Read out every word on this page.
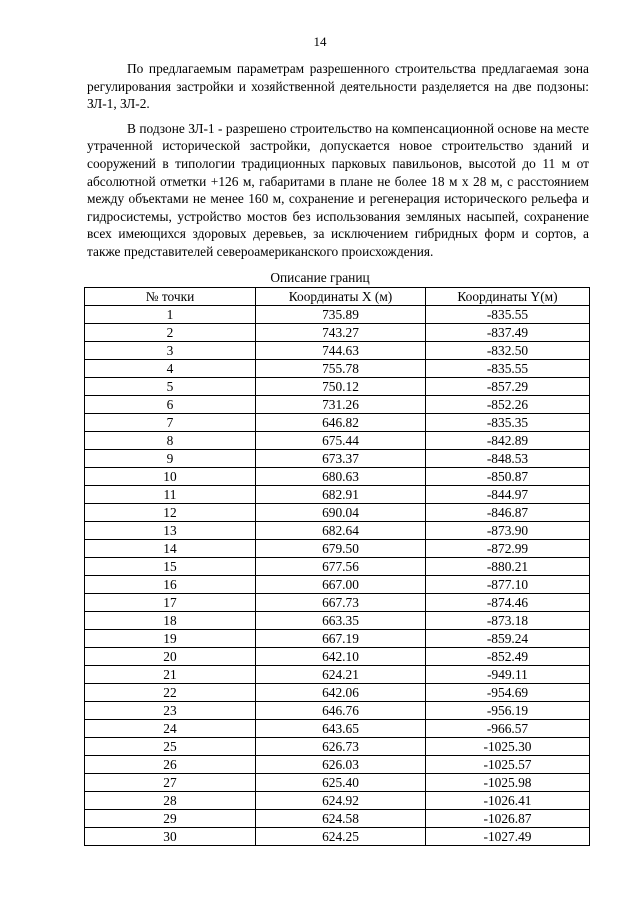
14

По предлагаемым параметрам разрешенного строительства предлагаемая зона регулирования застройки и хозяйственной деятельности разделяется на две подзоны: ЗЛ-1, ЗЛ-2.

В подзоне ЗЛ-1 - разрешено строительство на компенсационной основе на месте утраченной исторической застройки, допускается новое строительство зданий и сооружений в типологии традиционных парковых павильонов, высотой до 11 м от абсолютной отметки +126 м, габаритами в плане не более 18 м х 28 м, с расстоянием между объектами не менее 160 м, сохранение и регенерация исторического рельефа и гидросистемы, устройство мостов без использования земляных насыпей, сохранение всех имеющихся здоровых деревьев, за исключением гибридных форм и сортов, а также представителей североамериканского происхождения.

Описание границ
№ точки	Координаты X (м)	Координаты Y(м)
1	735.89	-835.55
2	743.27	-837.49
3	744.63	-832.50
4	755.78	-835.55
5	750.12	-857.29
6	731.26	-852.26
7	646.82	-835.35
8	675.44	-842.89
9	673.37	-848.53
10	680.63	-850.87
11	682.91	-844.97
12	690.04	-846.87
13	682.64	-873.90
14	679.50	-872.99
15	677.56	-880.21
16	667.00	-877.10
17	667.73	-874.46
18	663.35	-873.18
19	667.19	-859.24
20	642.10	-852.49
21	624.21	-949.11
22	642.06	-954.69
23	646.76	-956.19
24	643.65	-966.57
25	626.73	-1025.30
26	626.03	-1025.57
27	625.40	-1025.98
28	624.92	-1026.41
29	624.58	-1026.87
30	624.25	-1027.49
